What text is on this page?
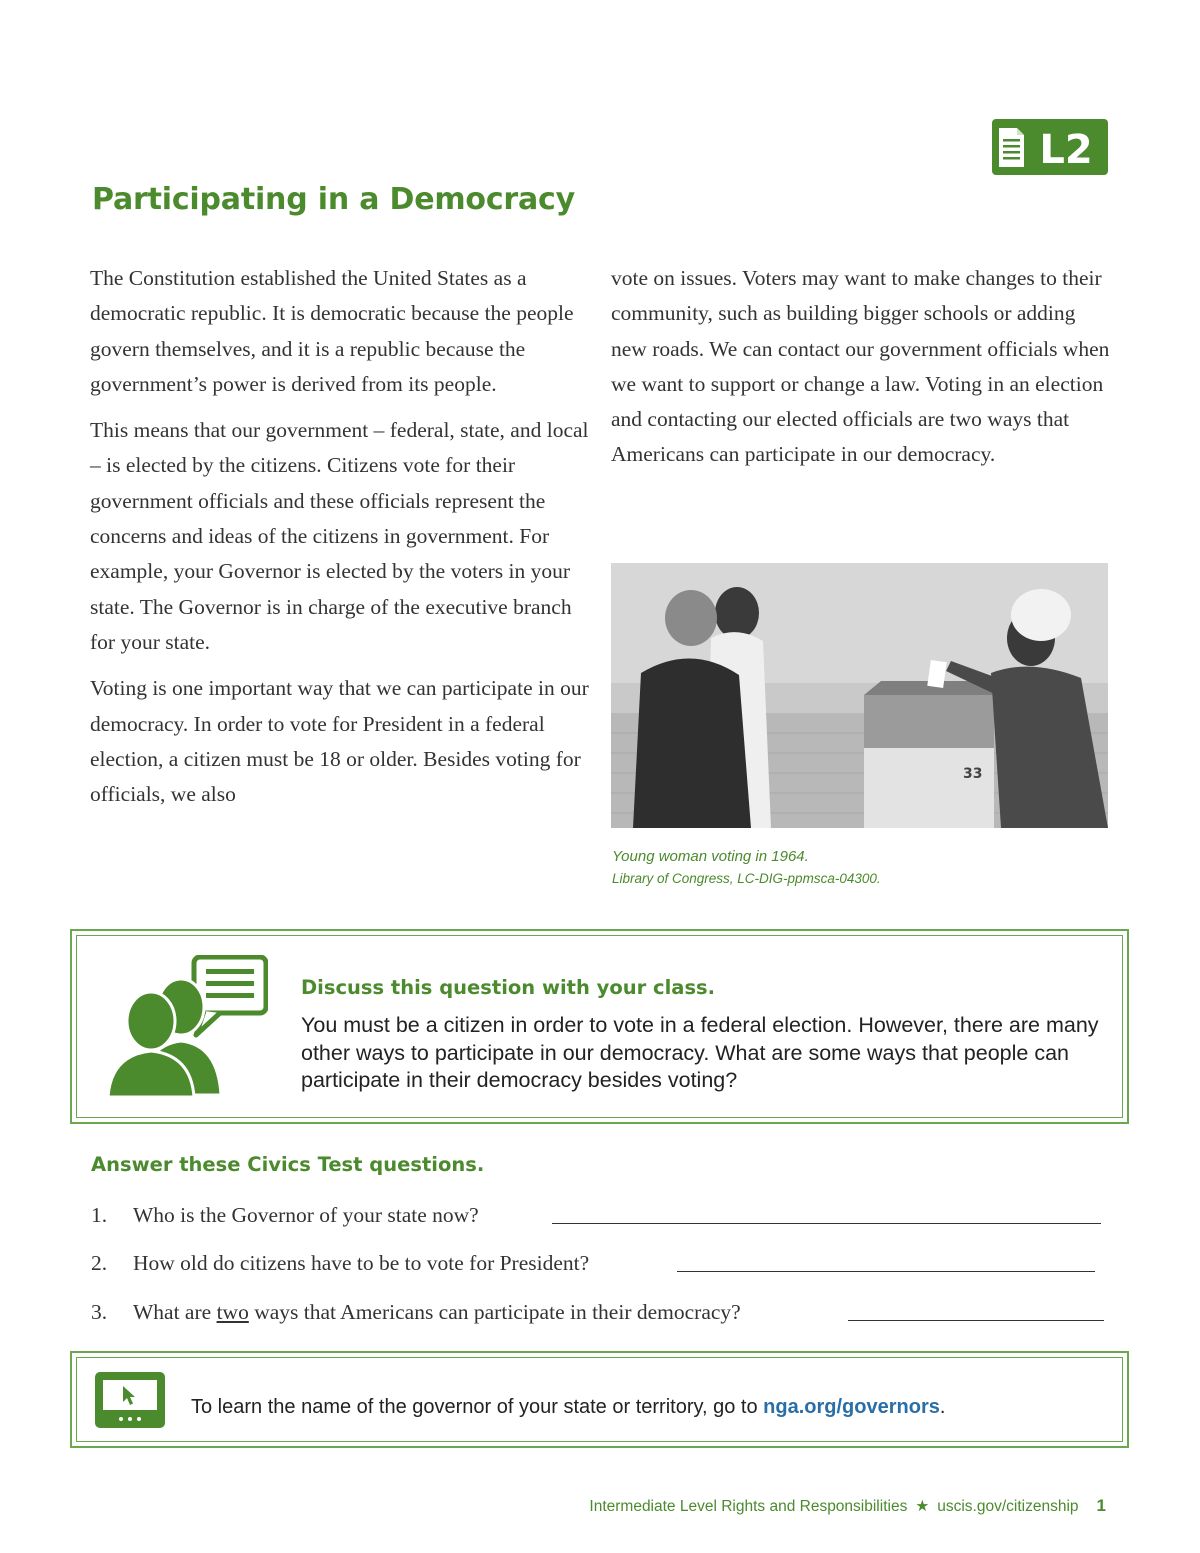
L2
Participating in a Democracy

The Constitution established the United States as a democratic republic. It is democratic because the people govern themselves, and it is a republic because the government’s power is derived from its people.

This means that our government – federal, state, and local – is elected by the citizens. Citizens vote for their government officials and these officials represent the concerns and ideas of the citizens in government. For example, your Governor is elected by the voters in your state. The Governor is in charge of the executive branch for your state.

Voting is one important way that we can participate in our democracy. In order to vote for President in a federal election, a citizen must be 18 or older. Besides voting for officials, we also

vote on issues. Voters may want to make changes to their community, such as building bigger schools or adding new roads. We can contact our government officials when we want to support or change a law. Voting in an election and contacting our elected officials are two ways that Americans can participate in our democracy.

33
Young woman voting in 1964.
Library of Congress, LC-DIG-ppmsca-04300.
Discuss this question with your class.
You must be a citizen in order to vote in a federal election. However, there are many other ways to participate in our democracy. What are some ways that people can participate in their democracy besides voting?
Answer these Civics Test questions.
1. Who is the Governor of your state now?
2. How old do citizens have to be to vote for President?
3. What are two ways that Americans can participate in their democracy?
To learn the name of the governor of your state or territory, go to nga.org/governors.
Intermediate Level Rights and Responsibilities ★ uscis.gov/citizenship 1
